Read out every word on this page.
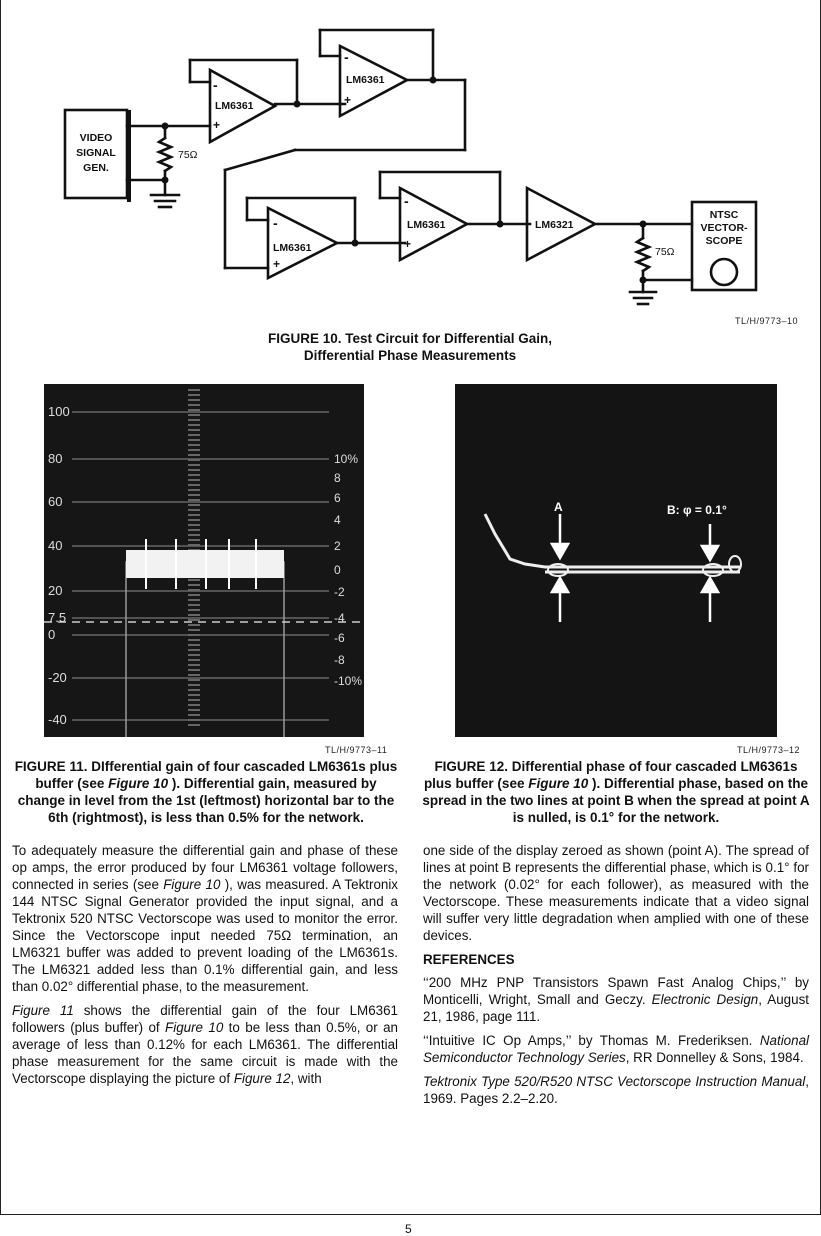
VIDEO
SIGNAL
GEN.
75Ω
LM6361
-
+
LM6361
-
+
LM6361
-
+
LM6361
-
+
LM6321
75Ω
NTSC
VECTOR-
SCOPE
TL/H/9773–10
FIGURE 10. Test Circuit for Differential Gain,
Differential Phase Measurements
100
80
60
40
20
7.5
0
-20
-40
10%
8
6
4
2
0
-2
-4
-6
-8
-10%
TL/H/9773–11
FIGURE 11. DIfferential gain of four cascaded LM6361s plus buffer (see Figure 10 ). Differential gain, measured by change in level from the 1st (leftmost) horizontal bar to the 6th (rightmost), is less than 0.5% for the network.
A	B: φ = 0.1°
TL/H/9773–12
FIGURE 12. Differential phase of four cascaded LM6361s plus buffer (see Figure 10 ). Differential phase, based on the spread in the two lines at point B when the spread at point A is nulled, is 0.1° for the network.

To adequately measure the differential gain and phase of these op amps, the error produced by four LM6361 voltage followers, connected in series (see Figure 10 ), was measured. A Tektronix 144 NTSC Signal Generator provided the input signal, and a Tektronix 520 NTSC Vectorscope was used to monitor the error. Since the Vectorscope input needed 75Ω termination, an LM6321 buffer was added to prevent loading of the LM6361s. The LM6321 added less than 0.1% differential gain, and less than 0.02° differential phase, to the measurement.

Figure 11 shows the differential gain of the four LM6361 followers (plus buffer) of Figure 10 to be less than 0.5%, or an average of less than 0.12% for each LM6361. The differential phase measurement for the same circuit is made with the Vectorscope displaying the picture of Figure 12, with

one side of the display zeroed as shown (point A). The spread of lines at point B represents the differential phase, which is 0.1° for the network (0.02° for each follower), as measured with the Vectorscope. These measurements indicate that a video signal will suffer very little degradation when amplied with one of these devices.

REFERENCES

‘‘200 MHz PNP Transistors Spawn Fast Analog Chips,’’ by Monticelli, Wright, Small and Geczy. Electronic Design, August 21, 1986, page 111.

‘‘Intuitive IC Op Amps,’’ by Thomas M. Frederiksen. National Semiconductor Technology Series, RR Donnelley & Sons, 1984.

Tektronix Type 520/R520 NTSC Vectorscope Instruction Manual, 1969. Pages 2.2–2.20.

5
